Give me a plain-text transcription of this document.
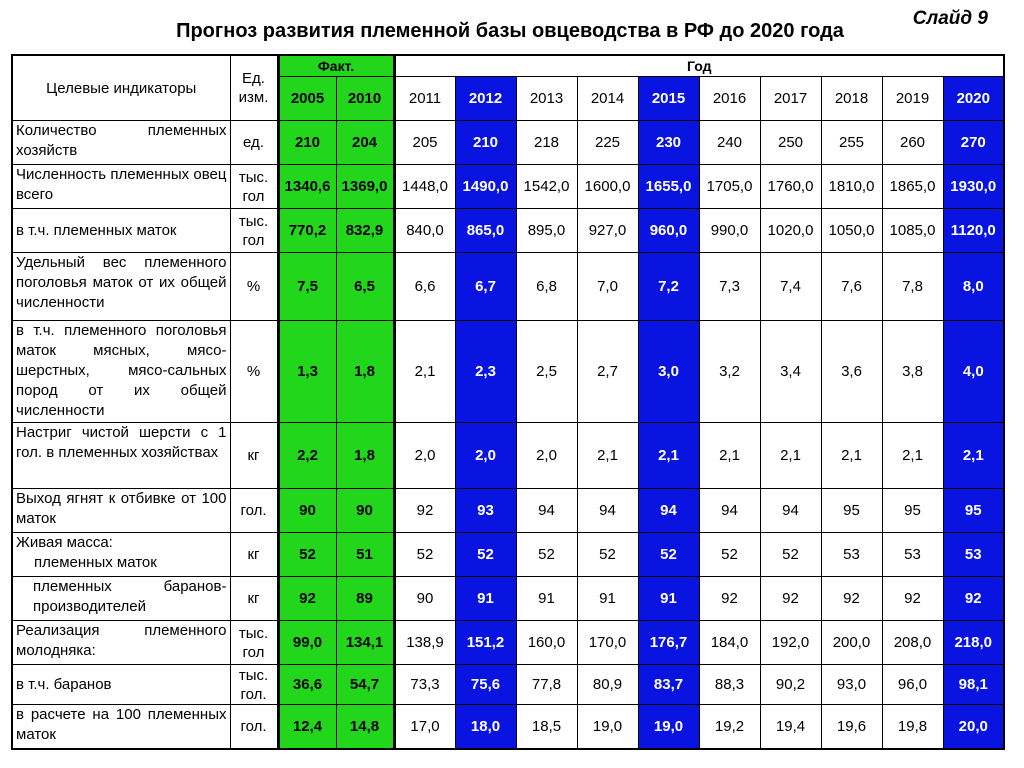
Слайд 9
Прогноз развития племенной базы овцеводства в РФ до 2020 года
Целевые индикаторы	Ед. изм.	Факт.		Год									
		2005	2010	2011	2012	2013	2014	2015	2016	2017	2018	2019	2020

Количество племенных хозяйств	ед.	210	204	205	210	218	225	230	240	250	255	260	270

Численность племенных овец всего	тыс. гол	1340,6	1369,0	1448,0	1490,0	1542,0	1600,0	1655,0	1705,0	1760,0	1810,0	1865,0	1930,0

в т.ч. племенных маток	тыс. гол	770,2	832,9	840,0	865,0	895,0	927,0	960,0	990,0	1020,0	1050,0	1085,0	1120,0

Удельный вес племенного поголовья маток от их общей численности	%	7,5	6,5	6,6	6,7	6,8	7,0	7,2	7,3	7,4	7,6	7,8	8,0

в т.ч. племенного поголовья маток мясных, мясо-шерстных, мясо-сальных пород от их общей численности	%	1,3	1,8	2,1	2,3	2,5	2,7	3,0	3,2	3,4	3,6	3,8	4,0

Настриг чистой шерсти с 1 гол. в племенных хозяйствах	кг	2,2	1,8	2,0	2,0	2,0	2,1	2,1	2,1	2,1	2,1	2,1	2,1

Выход ягнят к отбивке от 100 маток	гол.	90	90	92	93	94	94	94	94	94	95	95	95

Живая масса:
племенных маток	кг	52	51	52	52	52	52	52	52	52	53	53	53

племенных баранов-производителей	кг	92	89	90	91	91	91	91	92	92	92	92	92

Реализация племенного молодняка:	тыс. гол	99,0	134,1	138,9	151,2	160,0	170,0	176,7	184,0	192,0	200,0	208,0	218,0

в т.ч. баранов	тыс. гол.	36,6	54,7	73,3	75,6	77,8	80,9	83,7	88,3	90,2	93,0	96,0	98,1

в расчете на 100 племенных маток	гол.	12,4	14,8	17,0	18,0	18,5	19,0	19,0	19,2	19,4	19,6	19,8	20,0
